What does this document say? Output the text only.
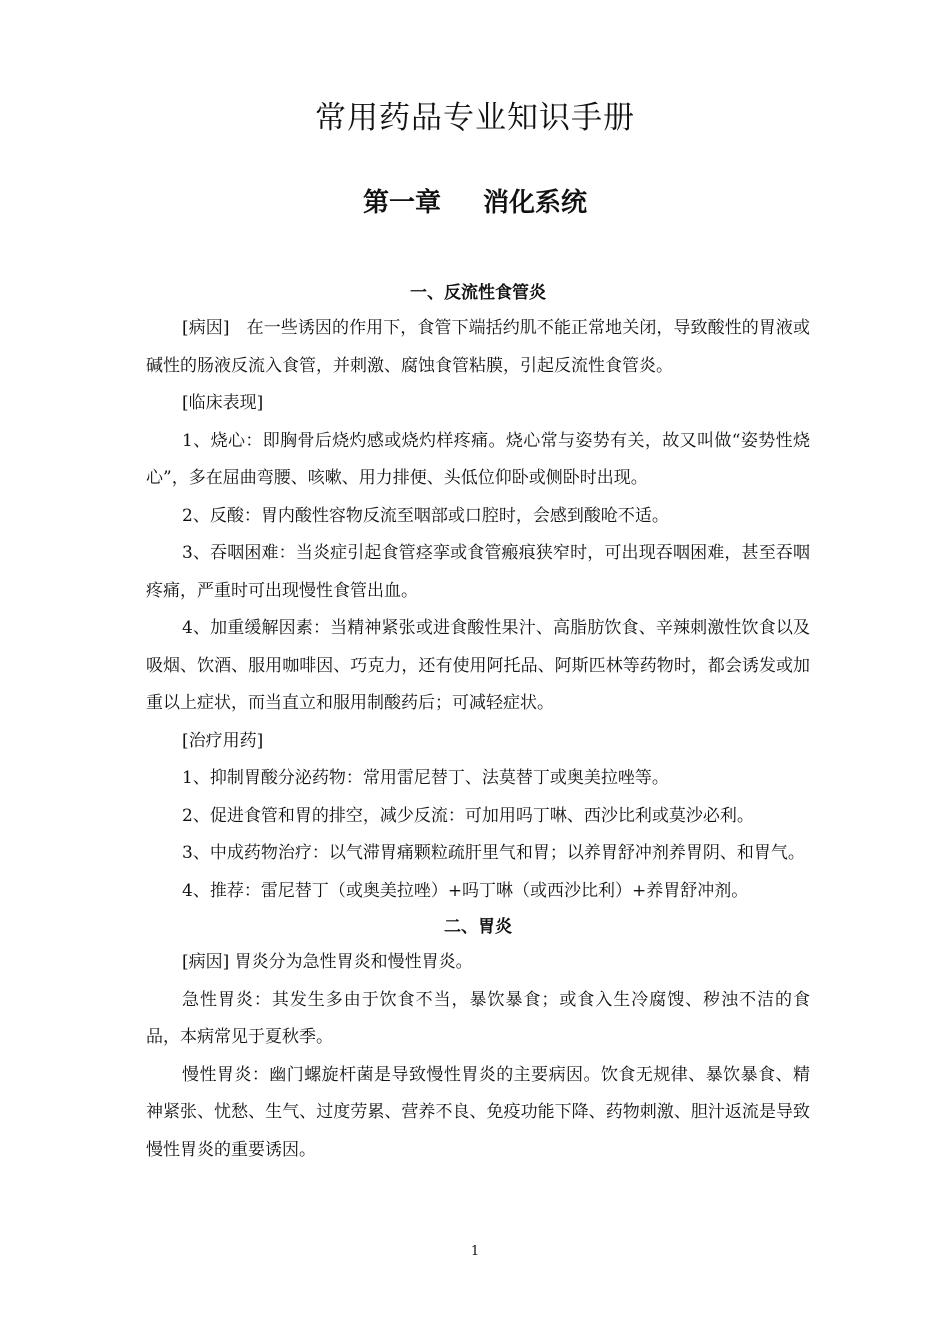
常用药品专业知识手册
第一章 消化系统
一、反流性食管炎

[病因]　在一些诱因的作用下，食管下端括约肌不能正常地关闭，导致酸性的胃液或碱性的肠液反流入食管，并刺激、腐蚀食管粘膜，引起反流性食管炎。

[临床表现]

1、烧心：即胸骨后烧灼感或烧灼样疼痛。烧心常与姿势有关，故又叫做“姿势性烧心”，多在屈曲弯腰、咳嗽、用力排便、头低位仰卧或侧卧时出现。

2、反酸：胃内酸性容物反流至咽部或口腔时，会感到酸呛不适。

3、吞咽困难：当炎症引起食管痉挛或食管瘢痕狭窄时，可出现吞咽困难，甚至吞咽疼痛，严重时可出现慢性食管出血。

4、加重缓解因素：当精神紧张或进食酸性果汁、高脂肪饮食、辛辣刺激性饮食以及吸烟、饮酒、服用咖啡因、巧克力，还有使用阿托品、阿斯匹林等药物时，都会诱发或加重以上症状，而当直立和服用制酸药后；可减轻症状。

[治疗用药]

1、抑制胃酸分泌药物：常用雷尼替丁、法莫替丁或奥美拉唑等。

2、促进食管和胃的排空，减少反流：可加用吗丁啉、西沙比利或莫沙必利。

3、中成药物治疗：以气滞胃痛颗粒疏肝里气和胃；以养胃舒冲剂养胃阴、和胃气。

4、推荐：雷尼替丁（或奥美拉唑）+吗丁啉（或西沙比利）+养胃舒冲剂。

二、胃炎

[病因] 胃炎分为急性胃炎和慢性胃炎。

急性胃炎：其发生多由于饮食不当，暴饮暴食；或食入生冷腐馊、秽浊不洁的食品，本病常见于夏秋季。

慢性胃炎：幽门螺旋杆菌是导致慢性胃炎的主要病因。饮食无规律、暴饮暴食、精神紧张、忧愁、生气、过度劳累、营养不良、免疫功能下降、药物刺激、胆汁返流是导致慢性胃炎的重要诱因。

1
